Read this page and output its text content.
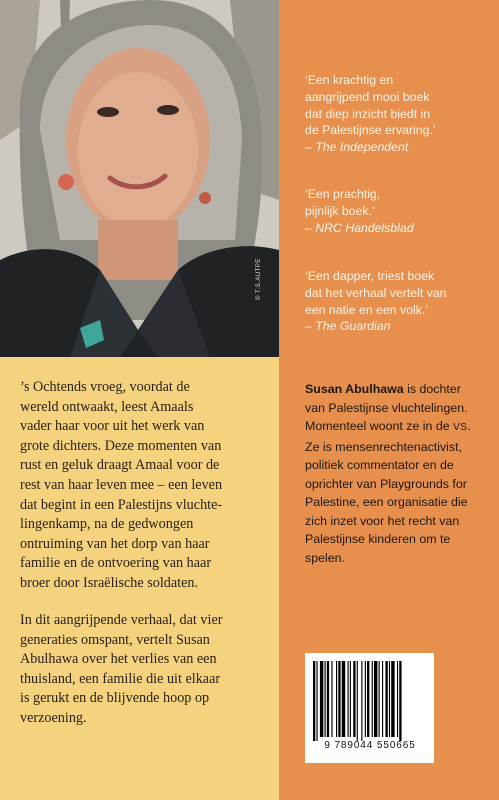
© T.S.AUTPE
‘Een krachtig en
aangrijpend mooi boek
dat diep inzicht biedt in
de Palestijnse ervaring.’
– The Independent
‘Een prachtig,
pijnlijk boek.’
– NRC Handelsblad
‘Een dapper, triest boek
dat het verhaal vertelt van
een natie en een volk.’
– The Guardian
’s Ochtends vroeg, voordat de
wereld ontwaakt, leest Amaals
vader haar voor uit het werk van
grote dichters. Deze momenten van
rust en geluk draagt Amaal voor de
rest van haar leven mee – een leven
dat begint in een Palestijns vluchte-
lingenkamp, na de gedwongen
ontruiming van het dorp van haar
familie en de ontvoering van haar
broer door Israëlische soldaten.
In dit aangrijpende verhaal, dat vier
generaties omspant, vertelt Susan
Abulhawa over het verlies van een
thuisland, een familie die uit elkaar
is gerukt en de blijvende hoop op
verzoening.
Susan Abulhawa is dochter
van Palestijnse vluchtelingen.
Momenteel woont ze in de VS.
Ze is mensenrechtenactivist,
politiek commentator en de
oprichter van Playgrounds for
Palestine, een organisatie die
zich inzet voor het recht van
Palestijnse kinderen om te
spelen.
9 789044 550665
